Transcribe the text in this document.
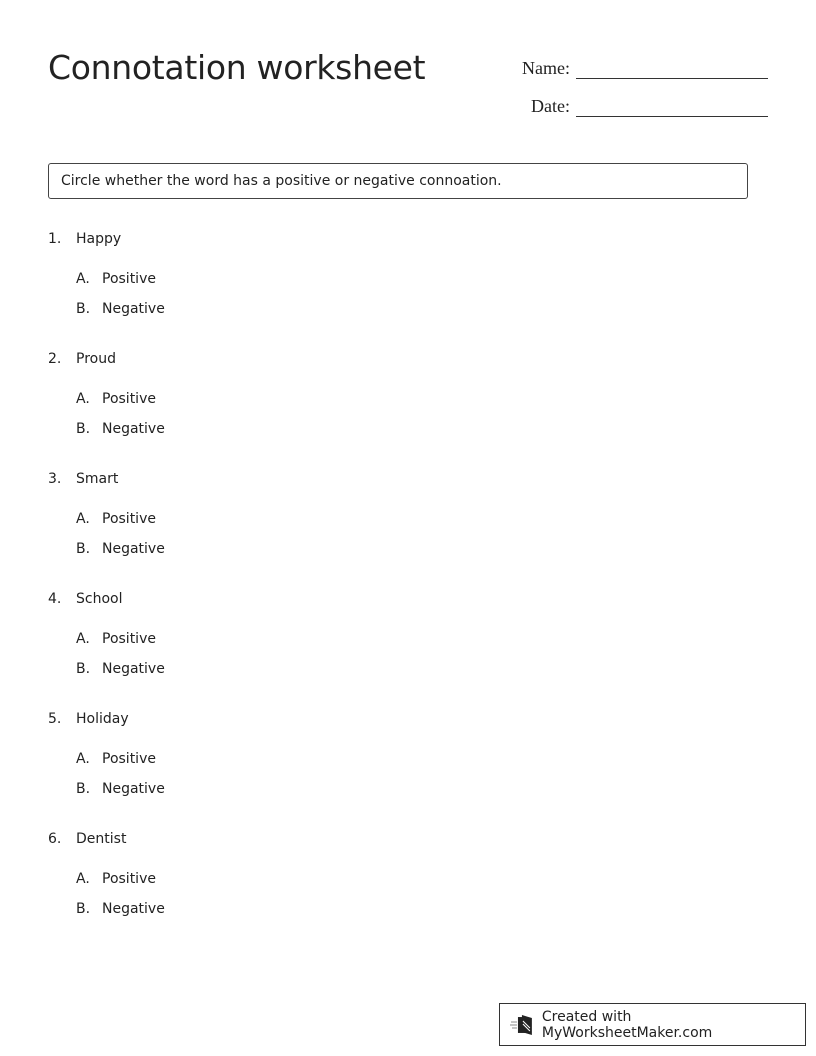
Connotation worksheet	Name:
Date:
Circle whether the word has a positive or negative connoation.
1.	Happy
A. Positive
B. Negative
2.	Proud
A. Positive
B. Negative
3.	Smart
A. Positive
B. Negative
4.	School
A. Positive
B. Negative
5.	Holiday
A. Positive
B. Negative
6.	Dentist
A. Positive
B. Negative
Created with MyWorksheetMaker.com
